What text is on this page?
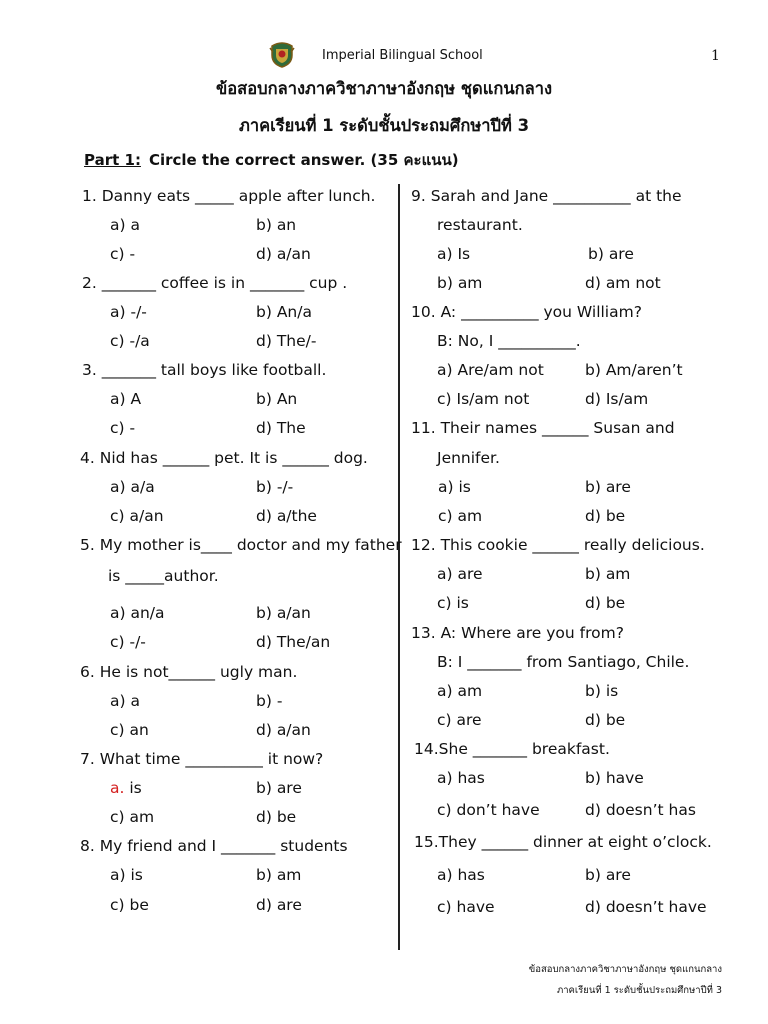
Imperial Bilingual School	1
ข้อสอบกลางภาควิชาภาษาอังกฤษ ชุดแกนกลาง
ภาคเรียนที่ 1 ระดับชั้นประถมศึกษาปีที่ 3
Part 1: Circle the correct answer. (35 คะแนน)
1. Danny eats _____ apple after lunch.
a) a	b) an
c) -	d) a/an
2. _______ coffee is in _______ cup .
a) -/-	b) An/a
c) -/a	d) The/-
3. _______ tall boys like football.
a) A	b) An
c) -	d) The
4. Nid has ______ pet. It is ______ dog.
a) a/a	b) -/-
c) a/an	d) a/the
5. My mother is____ doctor and my father
is _____author.
a) an/a	b) a/an
c) -/-	d) The/an
6. He is not______ ugly man.
a) a	b) -
c) an	d) a/an
7. What time __________ it now?
a. is	b) are
c) am	d) be
8. My friend and I _______ students
a) is	b) am
c) be	d) are
9. Sarah and Jane __________ at the
restaurant.
a) Is	b) are
b) am	d) am not
10. A: __________ you William?
B: No, I __________.
a) Are/am not	b) Am/aren’t
c) Is/am not	d) Is/am
11. Their names ______ Susan and
Jennifer.
a) is	b) are
c) am	d) be
12. This cookie ______ really delicious.
a) are	b) am
c) is	d) be
13. A: Where are you from?
B: I _______ from Santiago, Chile.
a) am	b) is
c) are	d) be
14.She _______ breakfast.
a) has	b) have
c) don’t have	d) doesn’t has
15.They ______ dinner at eight o’clock.
a) has	b) are
c) have	d) doesn’t have
ข้อสอบกลางภาควิชาภาษาอังกฤษ ชุดแกนกลาง
ภาคเรียนที่ 1 ระดับชั้นประถมศึกษาปีที่ 3
